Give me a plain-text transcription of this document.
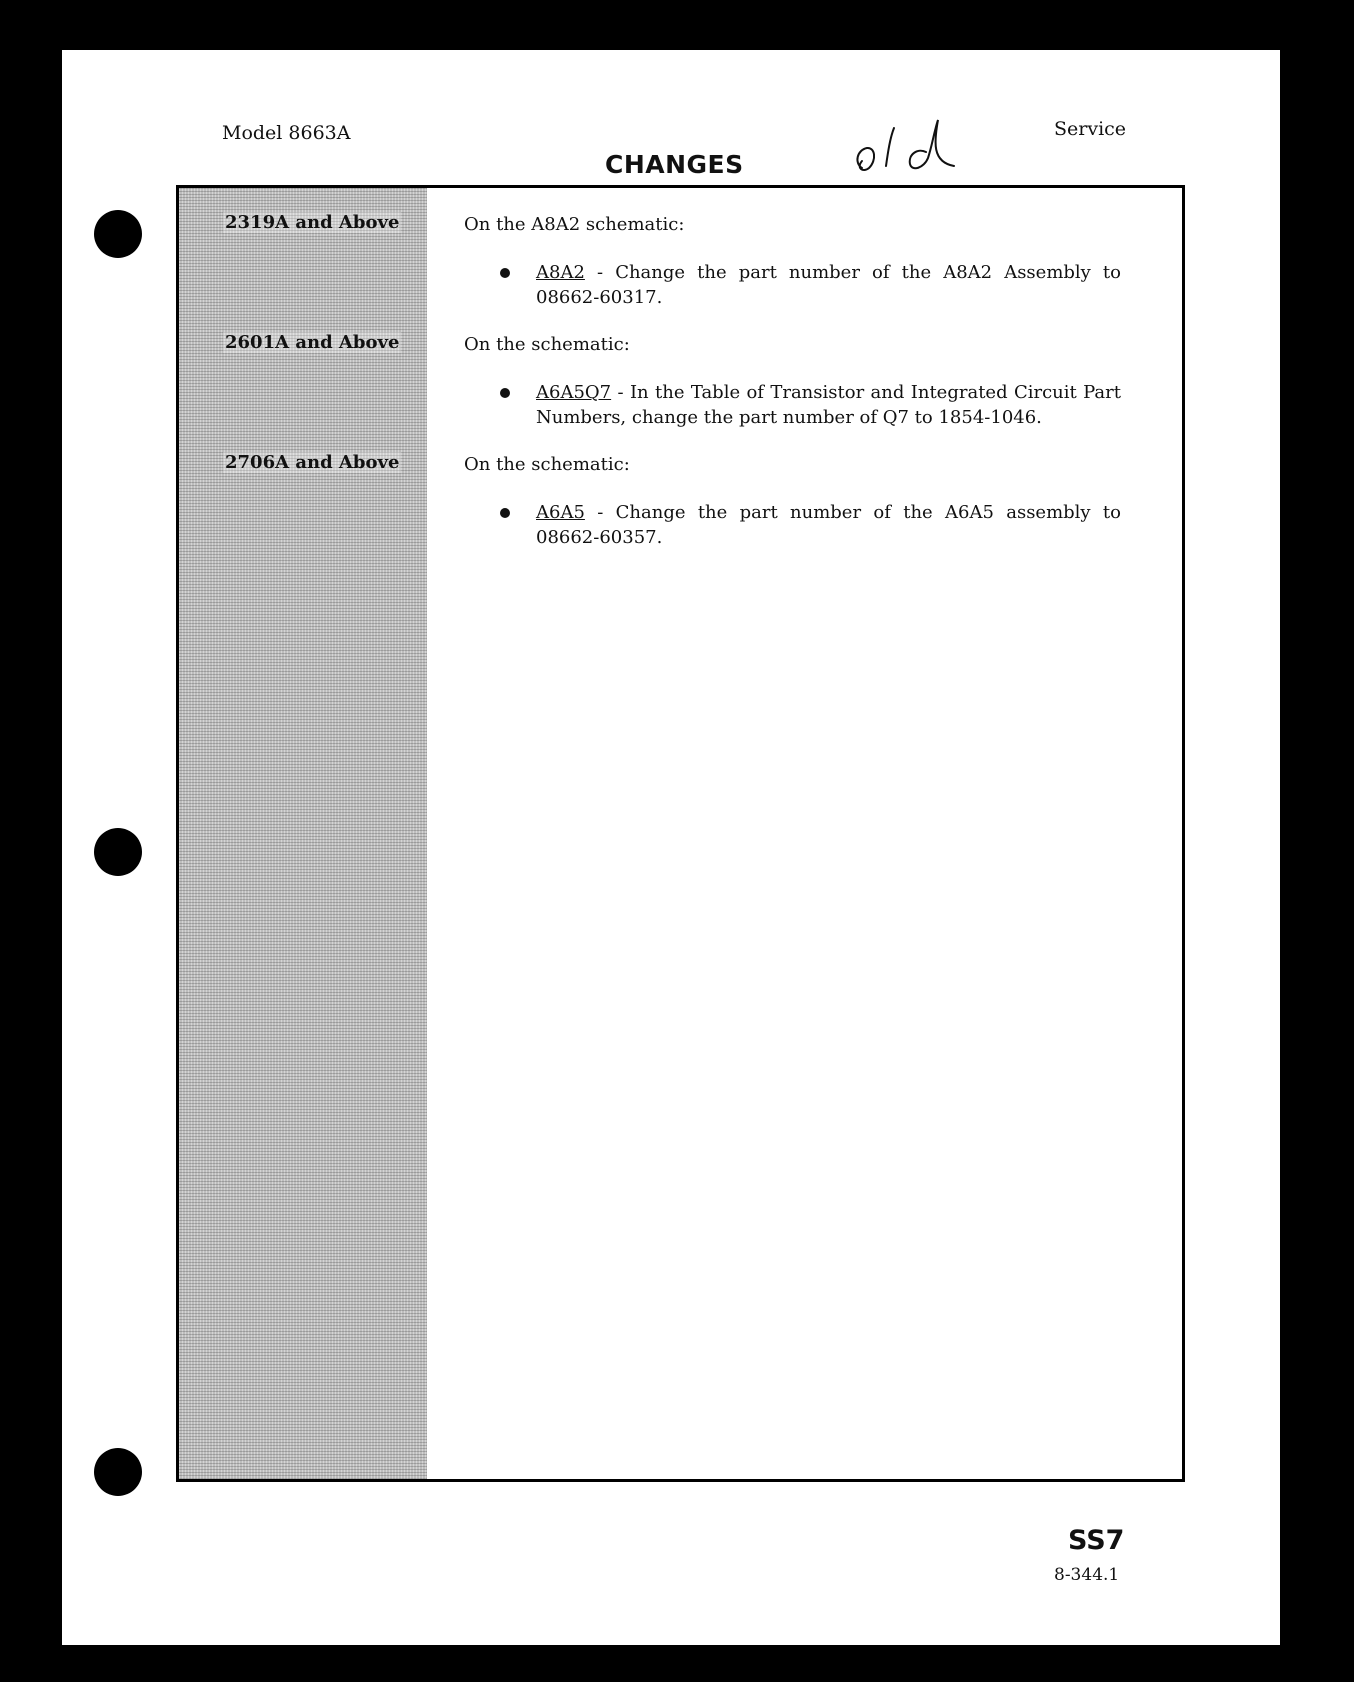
Model 8663A
CHANGES
Service
2319A and Above
2601A and Above
2706A and Above
On the A8A2 schematic:
A8A2 - Change the part number of the A8A2 Assembly to 08662-60317.
On the schematic:
A6A5Q7 - In the Table of Transistor and Integrated Circuit Part Numbers, change the part number of Q7 to 1854-1046.
On the schematic:
A6A5 - Change the part number of the A6A5 assembly to 08662-60357.
SS7
8-344.1
